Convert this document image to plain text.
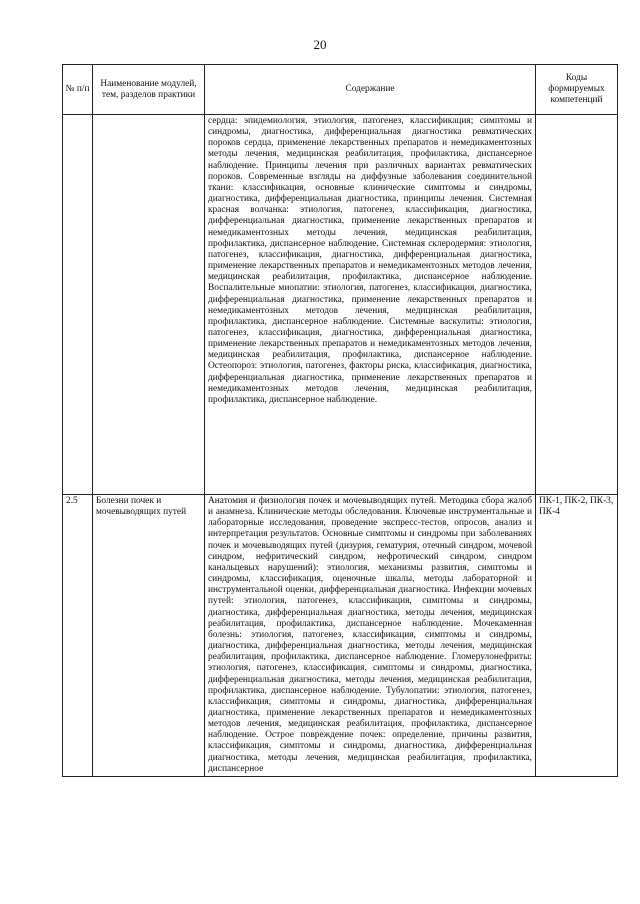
20
№ п/п	Наименование модулей, тем, разделов практики	Содержание	Коды формируемых компетенций
		сердца: эпидемиология, этиология, патогенез, классификация; симптомы и синдромы, диагностика, дифференциальная диагностика ревматических пороков сердца, применение лекарственных препаратов и немедикаментозных методы лечения, медицинская реабилитация, профилактика, диспансерное наблюдение. Принципы лечения при различных вариантах ревматических пороков. Современные взгляды на диффузные заболевания соединительной ткани: классификация, основные клинические симптомы и синдромы, диагностика, дифференциальная диагностика, принципы лечения. Системная красная волчанка: этиология, патогенез, классификация, диагностика, дифференциальная диагностика, применение лекарственных препаратов и немедикаментозных методы лечения, медицинская реабилитация, профилактика, диспансерное наблюдение. Системная склеродермия: этиология, патогенез, классификация, диагностика, дифференциальная диагностика, применение лекарственных препаратов и немедикаментозных методов лечения, медицинская реабилитация, профилактика, диспансерное наблюдение. Воспалительные миопатии: этиология, патогенез, классификация, диагностика, дифференциальная диагностика, применение лекарственных препаратов и немедикаментозных методов лечения, медицинская реабилитация, профилактика, диспансерное наблюдение. Системные васкулиты: этиология, патогенез, классификация, диагностика, дифференциальная диагностика, применение лекарственных препаратов и немедикаментозных методов лечения, медицинская реабилитация, профилактика, диспансерное наблюдение. Остеопороз: этиология, патогенез, факторы риска, классификация, диагностика, дифференциальная диагностика, применение лекарственных препаратов и немедикаментозных методов лечения, медицинская реабилитация, профилактика, диспансерное наблюдение.	
2.5	Болезни почек и мочевыводящих путей	Анатомия и физиология почек и мочевыводящих путей. Методика сбора жалоб и анамнеза. Клинические методы обследования. Ключевые инструментальные и лабораторные исследования, проведение экспресс-тестов, опросов, анализ и интерпретация результатов. Основные симптомы и синдромы при заболеваниях почек и мочевыводящих путей (дизурия, гематурия, отечный синдром, мочевой синдром, нефритический синдром, нефротический синдром, синдром канальцевых нарушений): этиология, механизмы развития, симптомы и синдромы, классификация, оценочные шкалы, методы лабораторной и инструментальной оценки, дифференциальная диагностика. Инфекции мочевых путей: этиология, патогенез, классификация, симптомы и синдромы, диагностика, дифференциальная диагностика, методы лечения, медицинская реабилитация, профилактика, диспансерное наблюдение. Мочекаменная болезнь: этиология, патогенез, классификация, симптомы и синдромы, диагностика, дифференциальная диагностика, методы лечения, медицинская реабилитация, профилактика, диспансерное наблюдение. Гломерулонефриты: этиология, патогенез, классификация, симптомы и синдромы, диагностика, дифференциальная диагностика, методы лечения, медицинская реабилитация, профилактика, диспансерное наблюдение. Тубулопатии: этиология, патогенез, классификация, симптомы и синдромы, диагностика, дифференциальная диагностика, применение лекарственных препаратов и немедикаментозных методов лечения, медицинская реабилитация, профилактика, диспансерное наблюдение. Острое повреждение почек: определение, причины развития, классификация, симптомы и синдромы, диагностика, дифференциальная диагностика, методы лечения, медицинская реабилитация, профилактика, диспансерное	ПК-1, ПК-2, ПК-3, ПК-4
